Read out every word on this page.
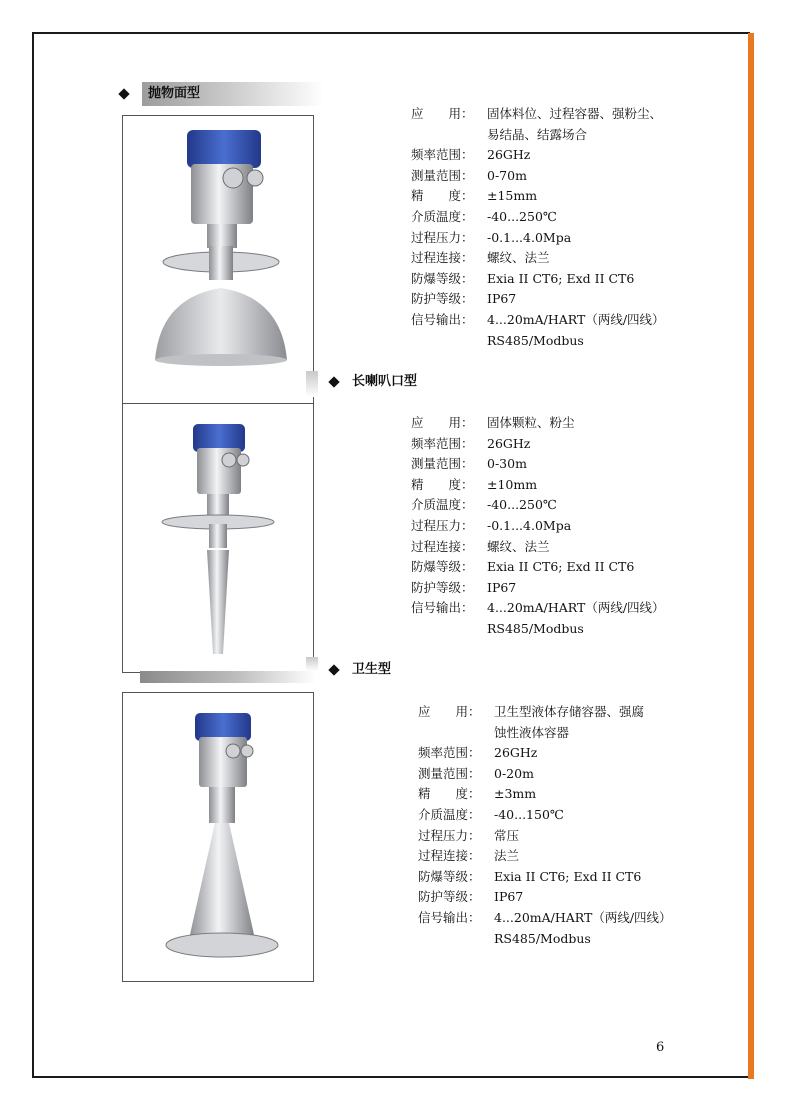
抛物面型
应　　用：	固体料位、过程容器、强粉尘、
易结晶、结露场合
频率范围：	26GHz
测量范围：	0-70m
精　　度：	±15mm
介质温度：	-40...250℃
过程压力：	-0.1...4.0Mpa
过程连接：	螺纹、法兰
防爆等级：	Exia II CT6; Exd II CT6
防护等级：	IP67
信号输出：	4...20mA/HART（两线/四线）
RS485/Modbus
长喇叭口型
应　　用：	固体颗粒、粉尘
频率范围：	26GHz
测量范围：	0-30m
精　　度：	±10mm
介质温度：	-40...250℃
过程压力：	-0.1...4.0Mpa
过程连接：	螺纹、法兰
防爆等级：	Exia II CT6; Exd II CT6
防护等级：	IP67
信号输出：	4...20mA/HART（两线/四线）
RS485/Modbus
卫生型
应　　用：	卫生型液体存储容器、强腐
蚀性液体容器
频率范围：	26GHz
测量范围：	0-20m
精　　度：	±3mm
介质温度：	-40...150℃
过程压力：	常压
过程连接：	法兰
防爆等级：	Exia II CT6; Exd II CT6
防护等级：	IP67
信号输出：	4...20mA/HART（两线/四线）
RS485/Modbus
6
